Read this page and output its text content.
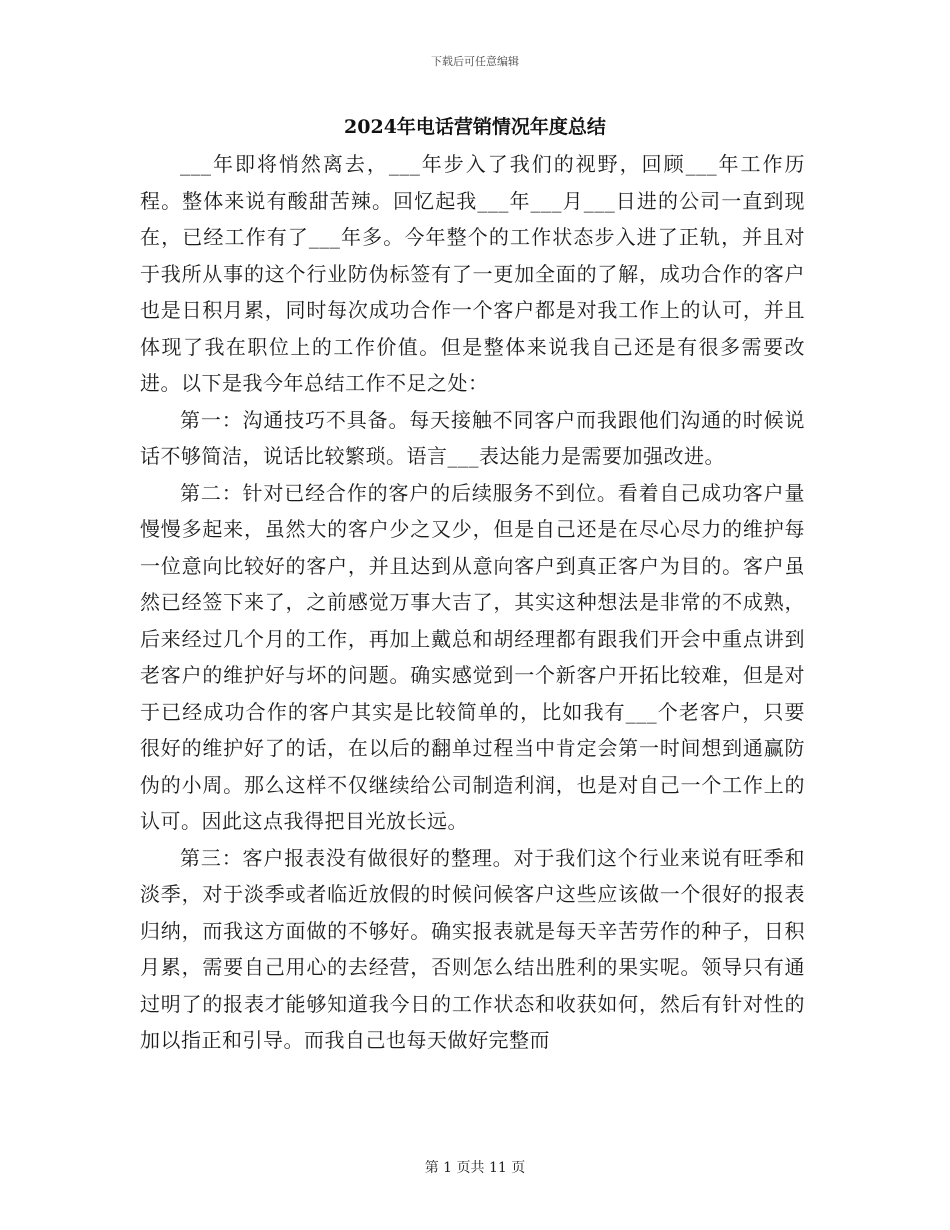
下载后可任意编辑
2024年电话营销情况年度总结

___年即将悄然离去，___年步入了我们的视野，回顾___年工作历程。整体来说有酸甜苦辣。回忆起我___年___月___日进的公司一直到现在，已经工作有了___年多。今年整个的工作状态步入进了正轨，并且对于我所从事的这个行业防伪标签有了一更加全面的了解，成功合作的客户也是日积月累，同时每次成功合作一个客户都是对我工作上的认可，并且体现了我在职位上的工作价值。但是整体来说我自己还是有很多需要改进。以下是我今年总结工作不足之处：

第一：沟通技巧不具备。每天接触不同客户而我跟他们沟通的时候说话不够简洁，说话比较繁琐。语言___表达能力是需要加强改进。

第二：针对已经合作的客户的后续服务不到位。看着自己成功客户量慢慢多起来，虽然大的客户少之又少，但是自己还是在尽心尽力的维护每一位意向比较好的客户，并且达到从意向客户到真正客户为目的。客户虽然已经签下来了，之前感觉万事大吉了，其实这种想法是非常的不成熟，后来经过几个月的工作，再加上戴总和胡经理都有跟我们开会中重点讲到老客户的维护好与坏的问题。确实感觉到一个新客户开拓比较难，但是对于已经成功合作的客户其实是比较简单的，比如我有___个老客户，只要很好的维护好了的话，在以后的翻单过程当中肯定会第一时间想到通赢防伪的小周。那么这样不仅继续给公司制造利润，也是对自己一个工作上的认可。因此这点我得把目光放长远。

第三：客户报表没有做很好的整理。对于我们这个行业来说有旺季和淡季，对于淡季或者临近放假的时候问候客户这些应该做一个很好的报表归纳，而我这方面做的不够好。确实报表就是每天辛苦劳作的种子，日积月累，需要自己用心的去经营，否则怎么结出胜利的果实呢。领导只有通过明了的报表才能够知道我今日的工作状态和收获如何，然后有针对性的加以指正和引导。而我自己也每天做好完整而

第 1 页共 11 页
